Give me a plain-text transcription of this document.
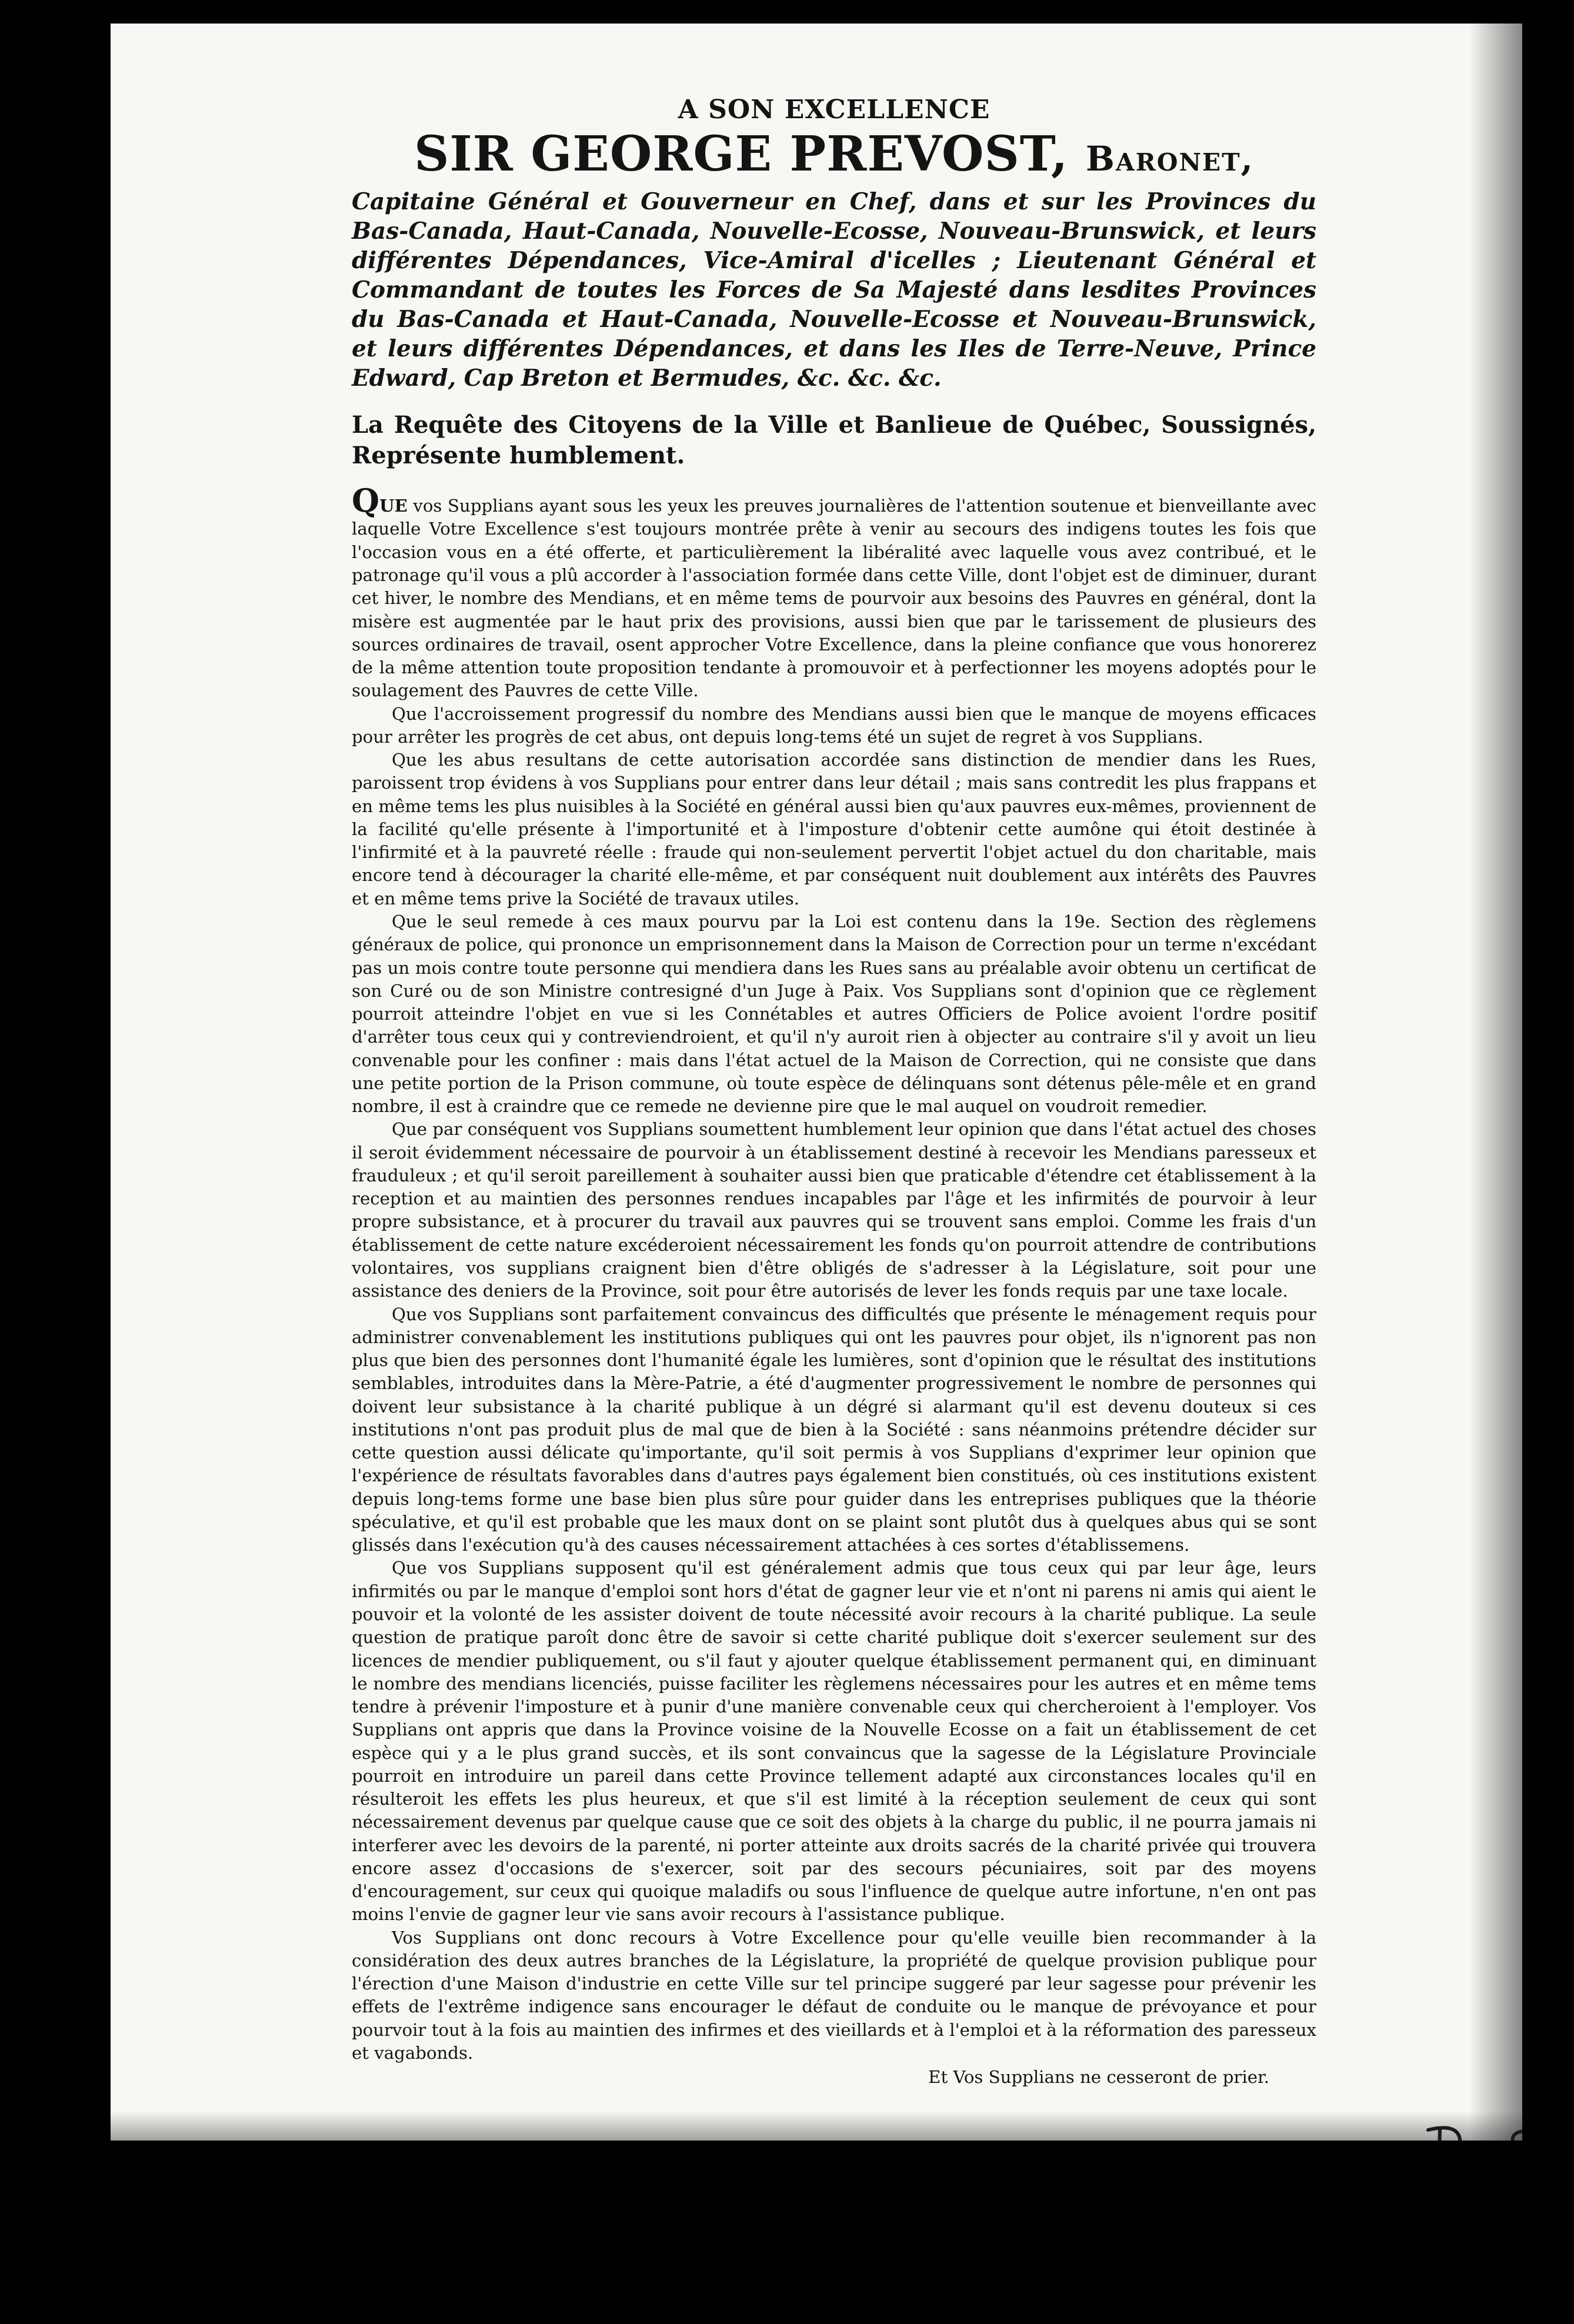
A SON EXCELLENCE

SIR GEORGE PREVOST, Baronet,

Capitaine Général et Gouverneur en Chef, dans et sur les Provinces du Bas-Canada, Haut-Canada, Nouvelle-Ecosse, Nouveau-Brunswick, et leurs différentes Dépendances, Vice-Amiral d'icelles ; Lieutenant Général et Commandant de toutes les Forces de Sa Majesté dans lesdites Provinces du Bas-Canada et Haut-Canada, Nouvelle-Ecosse et Nouveau-Brunswick, et leurs différentes Dépendances, et dans les Iles de Terre-Neuve, Prince Edward, Cap Breton et Bermudes, &c. &c. &c.

La Requête des Citoyens de la Ville et Banlieue de Québec, Soussignés, Représente humblement.

QUE vos Supplians ayant sous les yeux les preuves journalières de l'attention soutenue et bienveillante avec laquelle Votre Excellence s'est toujours montrée prête à venir au secours des indigens toutes les fois que l'occasion vous en a été offerte, et particulièrement la libéralité avec laquelle vous avez contribué, et le patronage qu'il vous a plû accorder à l'association formée dans cette Ville, dont l'objet est de diminuer, durant cet hiver, le nombre des Mendians, et en même tems de pourvoir aux besoins des Pauvres en général, dont la misère est augmentée par le haut prix des provisions, aussi bien que par le tarissement de plusieurs des sources ordinaires de travail, osent approcher Votre Excellence, dans la pleine confiance que vous honorerez de la même attention toute proposition tendante à promouvoir et à perfectionner les moyens adoptés pour le soulagement des Pauvres de cette Ville.

Que l'accroissement progressif du nombre des Mendians aussi bien que le manque de moyens efficaces pour arrêter les progrès de cet abus, ont depuis long-tems été un sujet de regret à vos Supplians.

Que les abus resultans de cette autorisation accordée sans distinction de mendier dans les Rues, paroissent trop évidens à vos Supplians pour entrer dans leur détail ; mais sans contredit les plus frappans et en même tems les plus nuisibles à la Société en général aussi bien qu'aux pauvres eux-mêmes, proviennent de la facilité qu'elle présente à l'importunité et à l'imposture d'obtenir cette aumône qui étoit destinée à l'infirmité et à la pauvreté réelle : fraude qui non-seulement pervertit l'objet actuel du don charitable, mais encore tend à décourager la charité elle-même, et par conséquent nuit doublement aux intérêts des Pauvres et en même tems prive la Société de travaux utiles.

Que le seul remede à ces maux pourvu par la Loi est contenu dans la 19e. Section des règlemens généraux de police, qui prononce un emprisonnement dans la Maison de Correction pour un terme n'excédant pas un mois contre toute personne qui mendiera dans les Rues sans au préalable avoir obtenu un certificat de son Curé ou de son Ministre contresigné d'un Juge à Paix. Vos Supplians sont d'opinion que ce règlement pourroit atteindre l'objet en vue si les Connétables et autres Officiers de Police avoient l'ordre positif d'arrêter tous ceux qui y contreviendroient, et qu'il n'y auroit rien à objecter au contraire s'il y avoit un lieu convenable pour les confiner : mais dans l'état actuel de la Maison de Correction, qui ne consiste que dans une petite portion de la Prison commune, où toute espèce de délinquans sont détenus pêle-mêle et en grand nombre, il est à craindre que ce remede ne devienne pire que le mal auquel on voudroit remedier.

Que par conséquent vos Supplians soumettent humblement leur opinion que dans l'état actuel des choses il seroit évidemment nécessaire de pourvoir à un établissement destiné à recevoir les Mendians paresseux et frauduleux ; et qu'il seroit pareillement à souhaiter aussi bien que praticable d'étendre cet établissement à la reception et au maintien des personnes rendues incapables par l'âge et les infirmités de pourvoir à leur propre subsistance, et à procurer du travail aux pauvres qui se trouvent sans emploi. Comme les frais d'un établissement de cette nature excéderoient nécessairement les fonds qu'on pourroit attendre de contributions volontaires, vos supplians craignent bien d'être obligés de s'adresser à la Législature, soit pour une assistance des deniers de la Province, soit pour être autorisés de lever les fonds requis par une taxe locale.

Que vos Supplians sont parfaitement convaincus des difficultés que présente le ménagement requis pour administrer convenablement les institutions publiques qui ont les pauvres pour objet, ils n'ignorent pas non plus que bien des personnes dont l'humanité égale les lumières, sont d'opinion que le résultat des institutions semblables, introduites dans la Mère-Patrie, a été d'augmenter progressivement le nombre de personnes qui doivent leur subsistance à la charité publique à un dégré si alarmant qu'il est devenu douteux si ces institutions n'ont pas produit plus de mal que de bien à la Société : sans néanmoins prétendre décider sur cette question aussi délicate qu'importante, qu'il soit permis à vos Supplians d'exprimer leur opinion que l'expérience de résultats favorables dans d'autres pays également bien constitués, où ces institutions existent depuis long-tems forme une base bien plus sûre pour guider dans les entreprises publiques que la théorie spéculative, et qu'il est probable que les maux dont on se plaint sont plutôt dus à quelques abus qui se sont glissés dans l'exécution qu'à des causes nécessairement attachées à ces sortes d'établissemens.

Que vos Supplians supposent qu'il est généralement admis que tous ceux qui par leur âge, leurs infirmités ou par le manque d'emploi sont hors d'état de gagner leur vie et n'ont ni parens ni amis qui aient le pouvoir et la volonté de les assister doivent de toute nécessité avoir recours à la charité publique. La seule question de pratique paroît donc être de savoir si cette charité publique doit s'exercer seulement sur des licences de mendier publiquement, ou s'il faut y ajouter quelque établissement permanent qui, en diminuant le nombre des mendians licenciés, puisse faciliter les règlemens nécessaires pour les autres et en même tems tendre à prévenir l'imposture et à punir d'une manière convenable ceux qui chercheroient à l'employer. Vos Supplians ont appris que dans la Province voisine de la Nouvelle Ecosse on a fait un établissement de cet espèce qui y a le plus grand succès, et ils sont convaincus que la sagesse de la Législature Provinciale pourroit en introduire un pareil dans cette Province tellement adapté aux circonstances locales qu'il en résulteroit les effets les plus heureux, et que s'il est limité à la réception seulement de ceux qui sont nécessairement devenus par quelque cause que ce soit des objets à la charge du public, il ne pourra jamais ni interferer avec les devoirs de la parenté, ni porter atteinte aux droits sacrés de la charité privée qui trouvera encore assez d'occasions de s'exercer, soit par des secours pécuniaires, soit par des moyens d'encouragement, sur ceux qui quoique maladifs ou sous l'influence de quelque autre infortune, n'en ont pas moins l'envie de gagner leur vie sans avoir recours à l'assistance publique.

Vos Supplians ont donc recours à Votre Excellence pour qu'elle veuille bien recommander à la considération des deux autres branches de la Législature, la propriété de quelque provision publique pour l'érection d'une Maison d'industrie en cette Ville sur tel principe suggeré par leur sagesse pour prévenir les effets de l'extrême indigence sans encourager le défaut de conduite ou le manque de prévoyance et pour pourvoir tout à la fois au maintien des infirmes et des vieillards et à l'emploi et à la réformation des paresseux et vagabonds.

Et Vos Supplians ne cesseront de prier.
